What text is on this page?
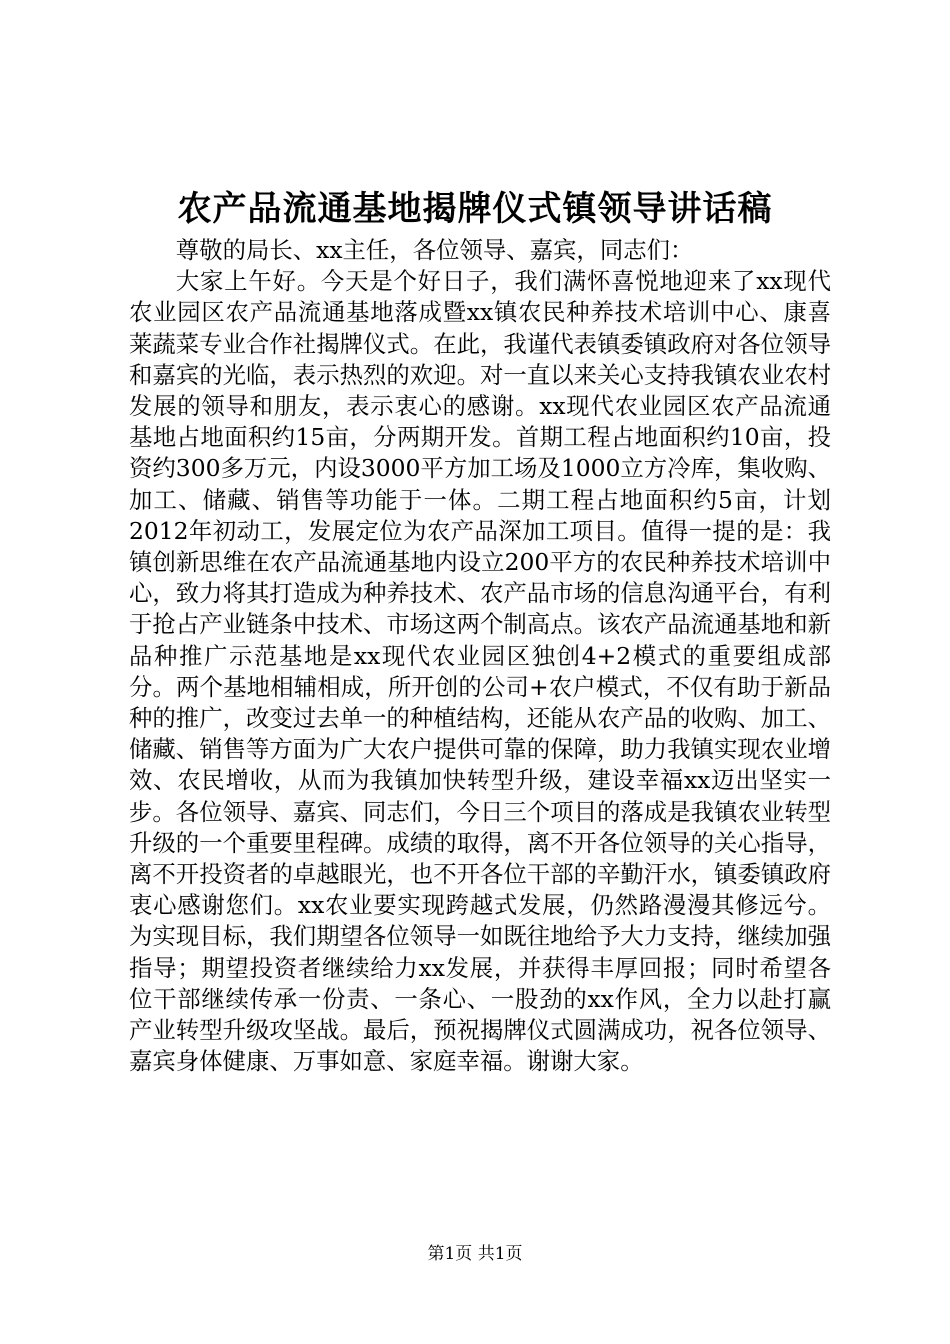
农产品流通基地揭牌仪式镇领导讲话稿

尊敬的局长、xx主任，各位领导、嘉宾，同志们：

大家上午好。今天是个好日子，我们满怀喜悦地迎来了xx现代农业园区农产品流通基地落成暨xx镇农民种养技术培训中心、康喜莱蔬菜专业合作社揭牌仪式。在此，我谨代表镇委镇政府对各位领导和嘉宾的光临，表示热烈的欢迎。对一直以来关心支持我镇农业农村发展的领导和朋友，表示衷心的感谢。xx现代农业园区农产品流通基地占地面积约15亩，分两期开发。首期工程占地面积约10亩，投资约300多万元，内设3000平方加工场及1000立方冷库，集收购、加工、储藏、销售等功能于一体。二期工程占地面积约5亩，计划2012年初动工，发展定位为农产品深加工项目。值得一提的是：我镇创新思维在农产品流通基地内设立200平方的农民种养技术培训中心，致力将其打造成为种养技术、农产品市场的信息沟通平台，有利于抢占产业链条中技术、市场这两个制高点。该农产品流通基地和新品种推广示范基地是xx现代农业园区独创4+2模式的重要组成部分。两个基地相辅相成，所开创的公司+农户模式，不仅有助于新品种的推广，改变过去单一的种植结构，还能从农产品的收购、加工、储藏、销售等方面为广大农户提供可靠的保障，助力我镇实现农业增效、农民增收，从而为我镇加快转型升级，建设幸福xx迈出坚实一步。各位领导、嘉宾、同志们，今日三个项目的落成是我镇农业转型升级的一个重要里程碑。成绩的取得，离不开各位领导的关心指导，离不开投资者的卓越眼光，也不开各位干部的辛勤汗水，镇委镇政府衷心感谢您们。xx农业要实现跨越式发展，仍然路漫漫其修远兮。为实现目标，我们期望各位领导一如既往地给予大力支持，继续加强指导；期望投资者继续给力xx发展，并获得丰厚回报；同时希望各位干部继续传承一份责、一条心、一股劲的xx作风，全力以赴打赢产业转型升级攻坚战。最后，预祝揭牌仪式圆满成功，祝各位领导、嘉宾身体健康、万事如意、家庭幸福。谢谢大家。

第1页 共1页
